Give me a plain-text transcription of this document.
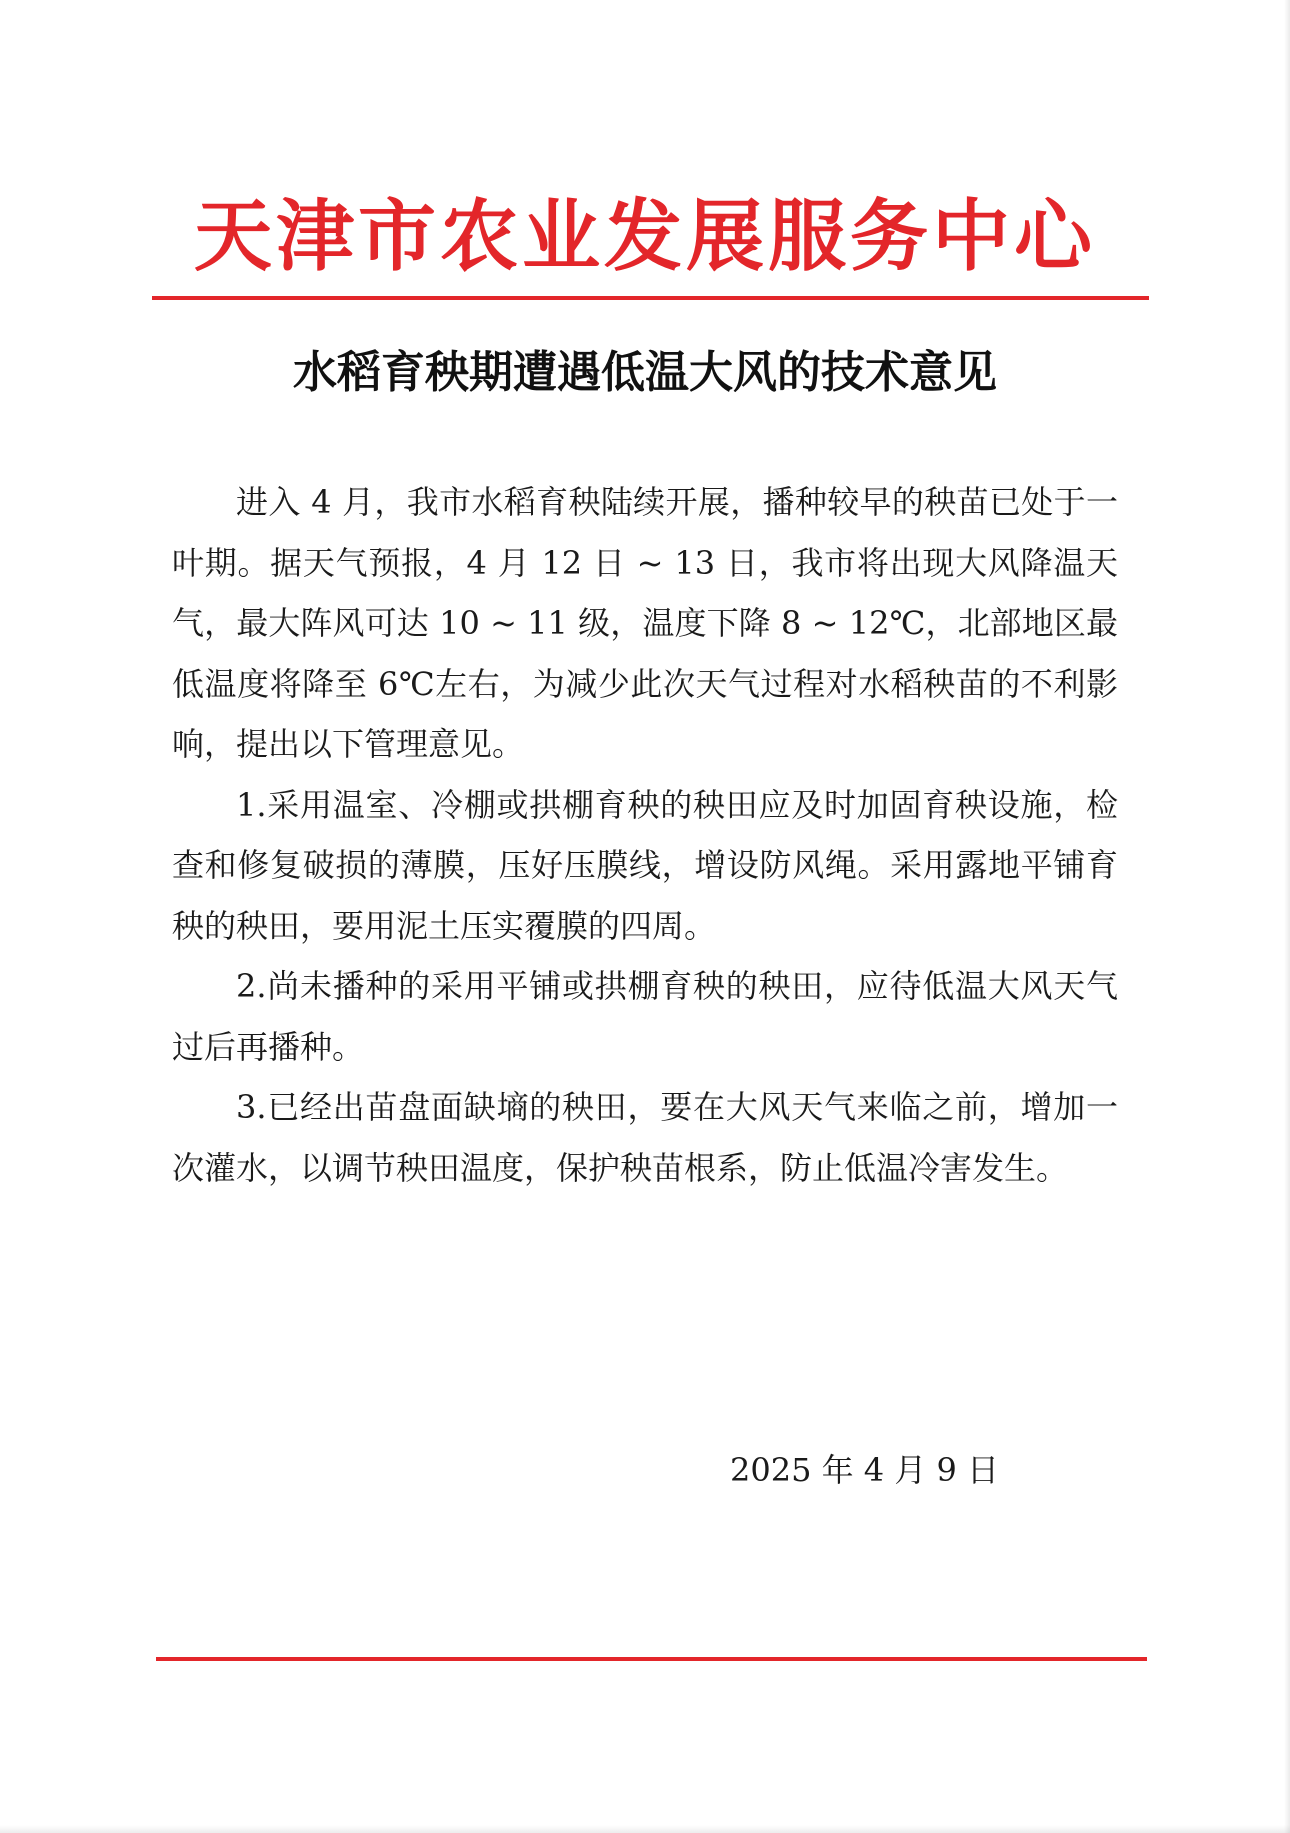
天津市农业发展服务中心
水稻育秧期遭遇低温大风的技术意见

进入 4 月，我市水稻育秧陆续开展，播种较早的秧苗已处于一叶期。据天气预报，4 月 12 日 ~ 13 日，我市将出现大风降温天气，最大阵风可达 10 ~ 11 级，温度下降 8 ~ 12℃，北部地区最低温度将降至 6℃左右，为减少此次天气过程对水稻秧苗的不利影响，提出以下管理意见。

1.采用温室、冷棚或拱棚育秧的秧田应及时加固育秧设施，检查和修复破损的薄膜，压好压膜线，增设防风绳。采用露地平铺育秧的秧田，要用泥土压实覆膜的四周。

2.尚未播种的采用平铺或拱棚育秧的秧田，应待低温大风天气过后再播种。

3.已经出苗盘面缺墒的秧田，要在大风天气来临之前，增加一次灌水，以调节秧田温度，保护秧苗根系，防止低温冷害发生。

2025 年 4 月 9 日
